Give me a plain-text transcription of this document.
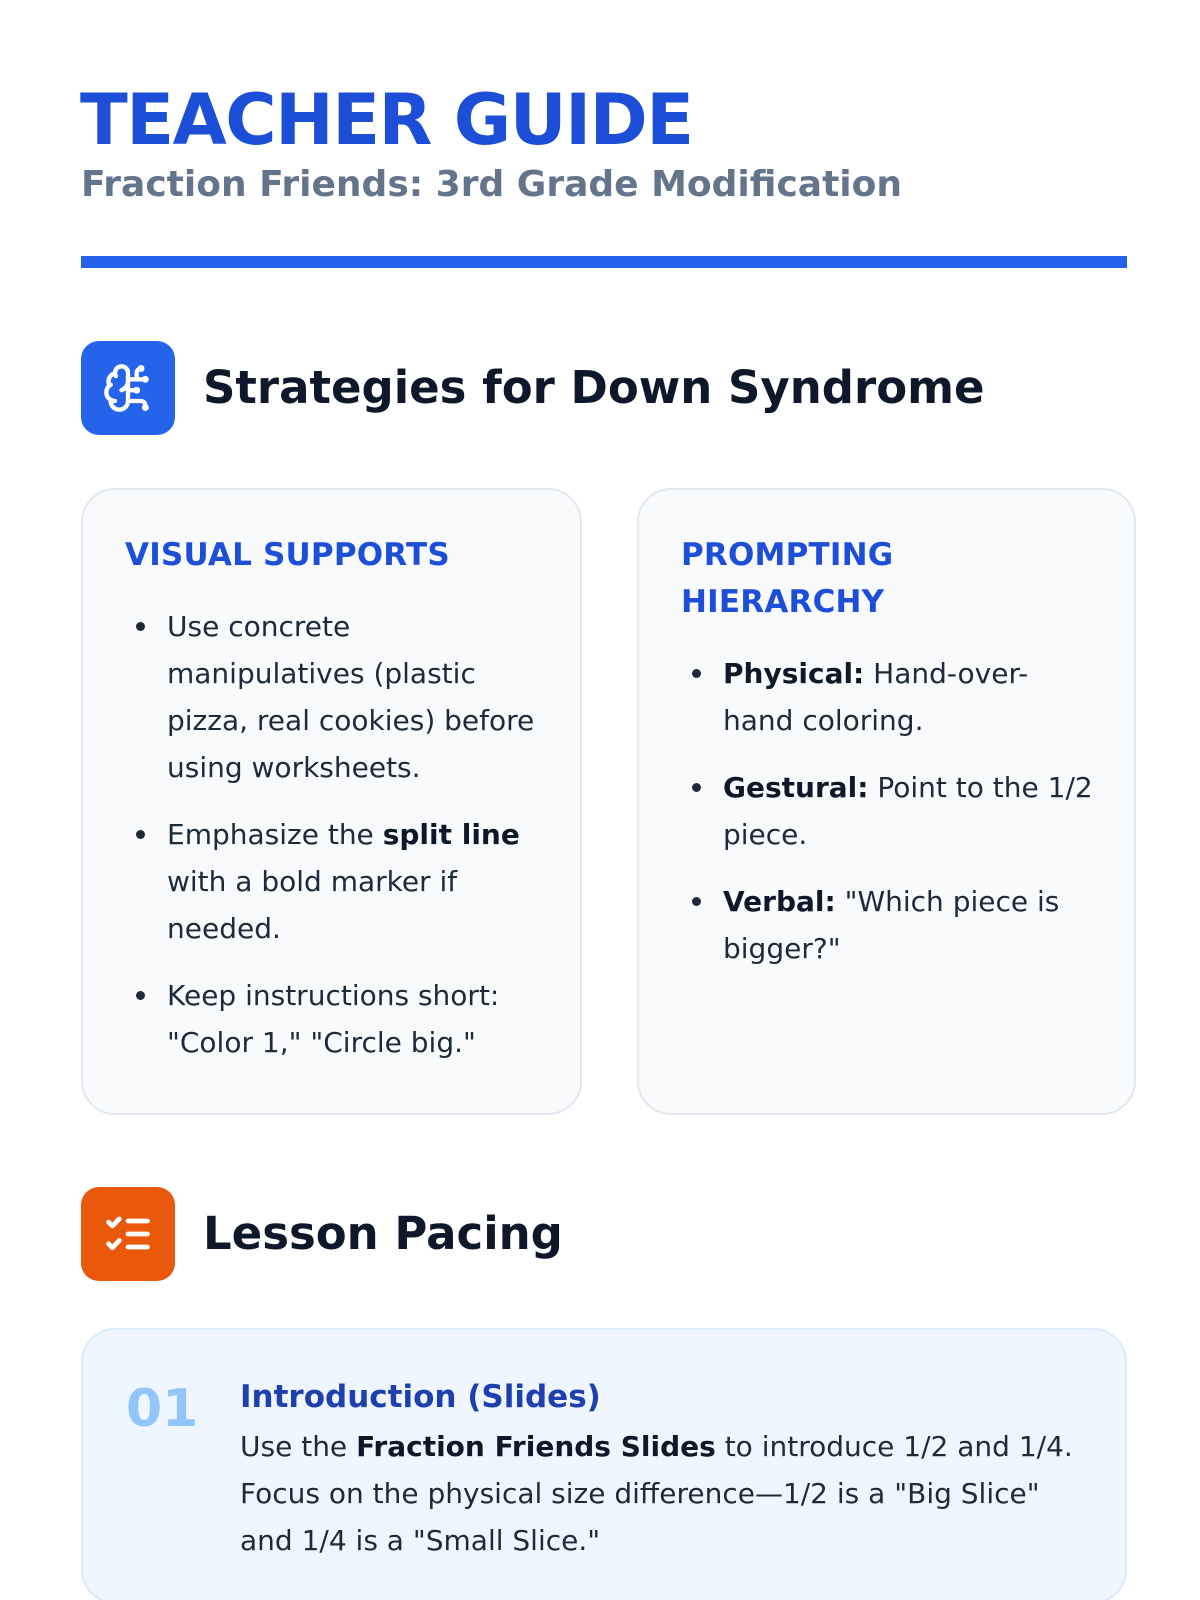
TEACHER GUIDE
Fraction Friends: 3rd Grade Modification
Strategies for Down Syndrome
VISUAL SUPPORTS
Use concrete manipulatives (plastic pizza, real cookies) before using worksheets.
Emphasize the split line with a bold marker if needed.
Keep instructions short: "Color 1," "Circle big."
PROMPTING
HIERARCHY
Physical: Hand-over-hand coloring.
Gestural: Point to the 1/2 piece.
Verbal: "Which piece is bigger?"
Lesson Pacing
01 Introduction (Slides)
Use the Fraction Friends Slides to introduce 1/2 and 1/4. Focus on the physical size difference—1/2 is a "Big Slice" and 1/4 is a "Small Slice."
